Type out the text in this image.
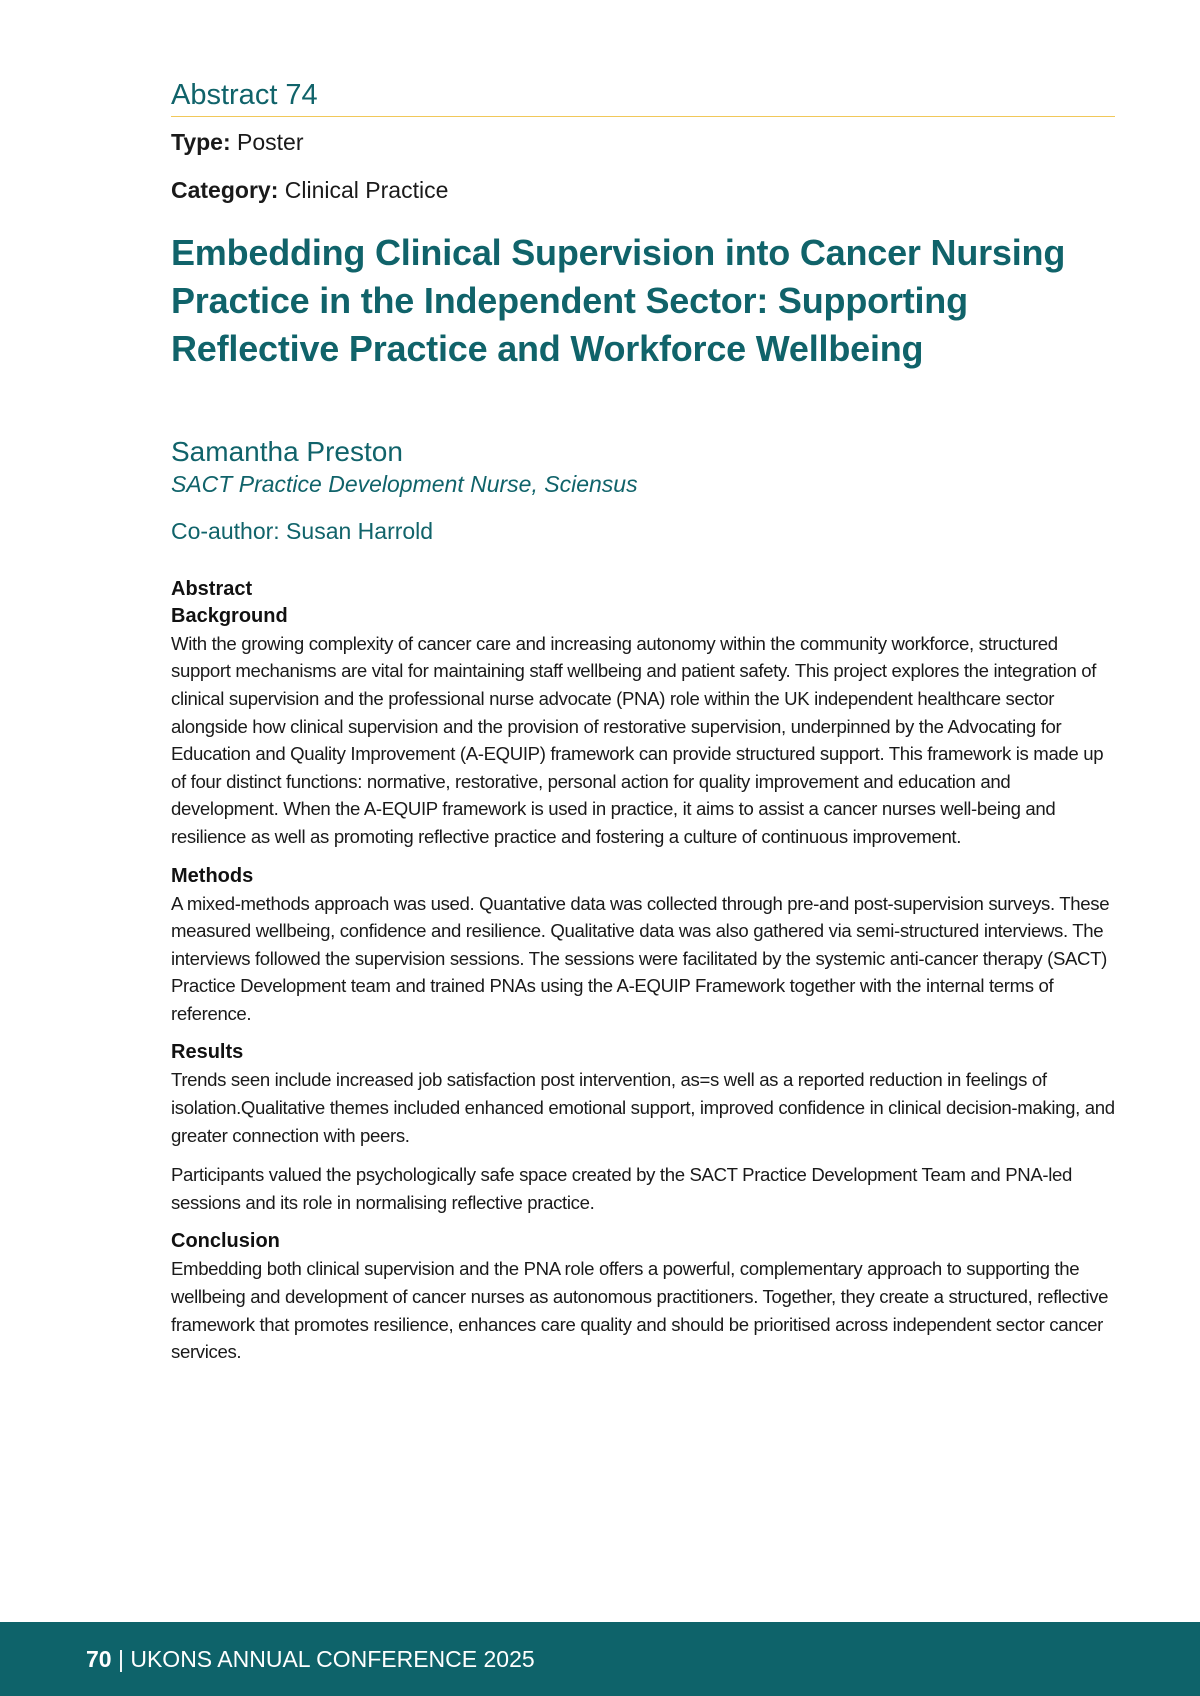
Abstract 74
Type: Poster
Category: Clinical Practice
Embedding Clinical Supervision into Cancer Nursing Practice in the Independent Sector: Supporting Reflective Practice and Workforce Wellbeing
Samantha Preston
SACT Practice Development Nurse, Sciensus
Co-author: Susan Harrold
Abstract
Background

With the growing complexity of cancer care and increasing autonomy within the community workforce, structured support mechanisms are vital for maintaining staff wellbeing and patient safety. This project explores the integration of clinical supervision and the professional nurse advocate (PNA) role within the UK independent healthcare sector alongside how clinical supervision and the provision of restorative supervision, underpinned by the Advocating for Education and Quality Improvement (A-EQUIP) framework can provide structured support. This framework is made up of four distinct functions: normative, restorative, personal action for quality improvement and education and development. When the A-EQUIP framework is used in practice, it aims to assist a cancer nurses well-being and resilience as well as promoting reflective practice and fostering a culture of continuous improvement.

Methods

A mixed-methods approach was used. Quantative data was collected through pre-and post-supervision surveys. These measured wellbeing, confidence and resilience. Qualitative data was also gathered via semi-structured interviews. The interviews followed the supervision sessions. The sessions were facilitated by the systemic anti-cancer therapy (SACT) Practice Development team and trained PNAs using the A-EQUIP Framework together with the internal terms of reference.

Results

Trends seen include increased job satisfaction post intervention, as=s well as a reported reduction in feelings of isolation.Qualitative themes included enhanced emotional support, improved confidence in clinical decision-making, and greater connection with peers.

Participants valued the psychologically safe space created by the SACT Practice Development Team and PNA-led sessions and its role in normalising reflective practice.

Conclusion

Embedding both clinical supervision and the PNA role offers a powerful, complementary approach to supporting the wellbeing and development of cancer nurses as autonomous practitioners. Together, they create a structured, reflective framework that promotes resilience, enhances care quality and should be prioritised across independent sector cancer services.

70 | UKONS ANNUAL CONFERENCE 2025
